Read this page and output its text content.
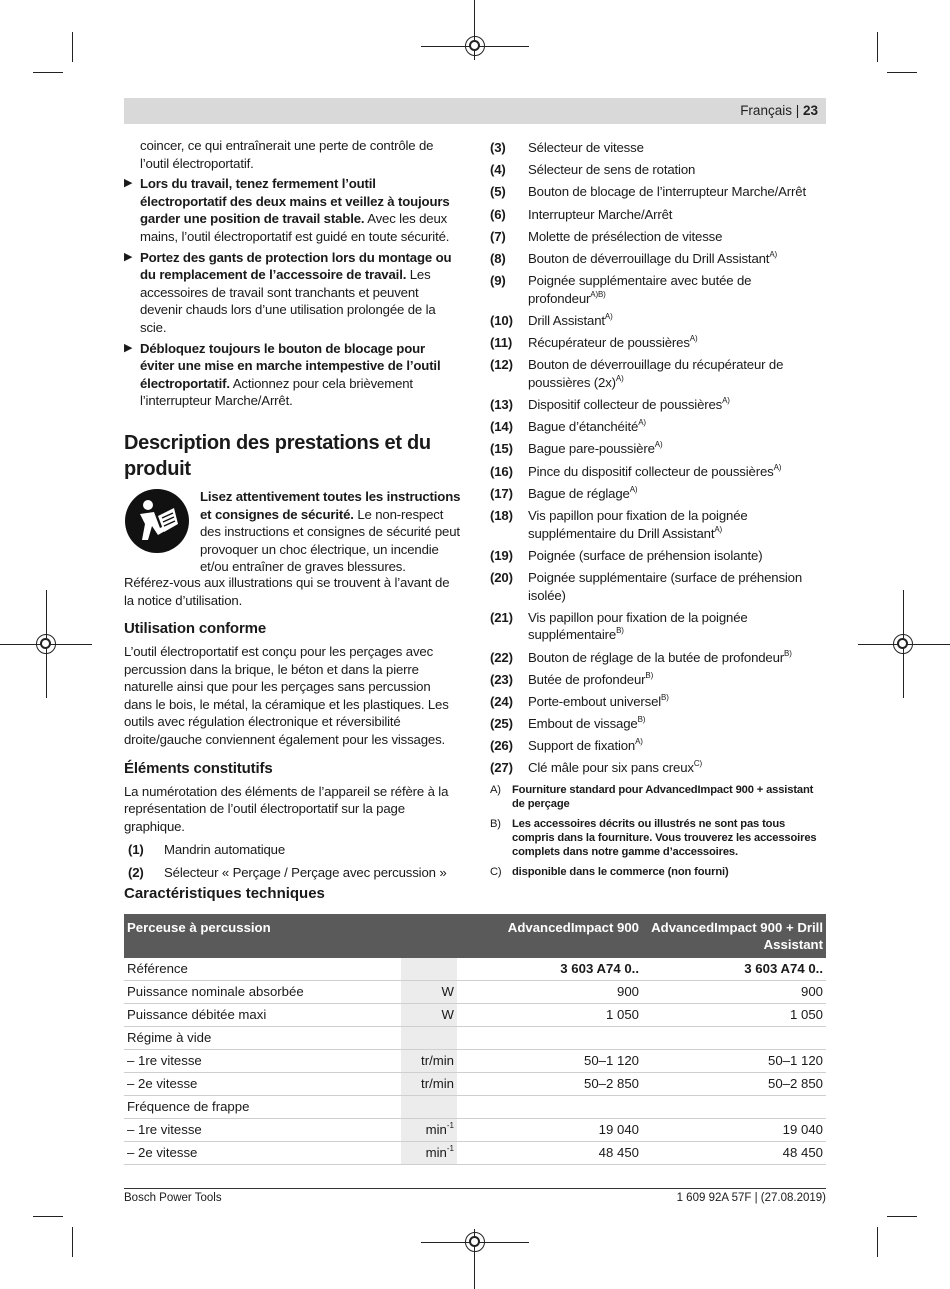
Français | 23
coincer, ce qui entraînerait une perte de contrôle de l’outil électroportatif.
▶ Lors du travail, tenez fermement l’outil électroportatif des deux mains et veillez à toujours garder une position de travail stable. Avec les deux mains, l’outil électroportatif est guidé en toute sécurité.
▶ Portez des gants de protection lors du montage ou du remplacement de l’accessoire de travail. Les accessoires de travail sont tranchants et peuvent devenir chauds lors d’une utilisation prolongée de la scie.
▶ Débloquez toujours le bouton de blocage pour éviter une mise en marche intempestive de l’outil électroportatif. Actionnez pour cela brièvement l’interrupteur Marche/Arrêt.
Description des prestations et du produit
Lisez attentivement toutes les instructions et consignes de sécurité. Le non-respect des instructions et consignes de sécurité peut provoquer un choc électrique, un incendie et/ou entraîner de graves blessures.
Référez-vous aux illustrations qui se trouvent à l’avant de la notice d’utilisation.
Utilisation conforme
L’outil électroportatif est conçu pour les perçages avec percussion dans la brique, le béton et dans la pierre naturelle ainsi que pour les perçages sans percussion dans le bois, le métal, la céramique et les plastiques. Les outils avec régulation électronique et réversibilité droite/gauche conviennent également pour les vissages.
Éléments constitutifs
La numérotation des éléments de l’appareil se réfère à la représentation de l’outil électroportatif sur la page graphique.
(1) Mandrin automatique
(2) Sélecteur « Perçage / Perçage avec percussion »
(3) Sélecteur de vitesse
(4) Sélecteur de sens de rotation
(5) Bouton de blocage de l’interrupteur Marche/Arrêt
(6) Interrupteur Marche/Arrêt
(7) Molette de présélection de vitesse
(8) Bouton de déverrouillage du Drill Assistant$^{A)}$
(9) Poignée supplémentaire avec butée de profondeur$^{A)B)}$
(10) Drill Assistant$^{A)}$
(11) Récupérateur de poussières$^{A)}$
(12) Bouton de déverrouillage du récupérateur de poussières $(2x)^{A)}$
(13) Dispositif collecteur de poussières$^{A)}$
(14) Bague d’étanchéité$^{A)}$
(15) Bague pare-poussière$^{A)}$
(16) Pince du dispositif collecteur de poussières$^{A)}$
(17) Bague de réglage$^{A)}$
(18) Vis papillon pour fixation de la poignée supplémentaire du Drill Assistant$^{A)}$
(19) Poignée (surface de préhension isolante)
(20) Poignée supplémentaire (surface de préhension isolée)
(21) Vis papillon pour fixation de la poignée supplémentaire$^{B)}$
(22) Bouton de réglage de la butée de profondeur$^{B)}$
(23) Butée de profondeur$^{B)}$
(24) Porte-embout universel$^{B)}$
(25) Embout de vissage$^{B)}$
(26) Support de fixation$^{A)}$
(27) Clé mâle pour six pans creux$^{C)}$
A) Fourniture standard pour AdvancedImpact 900 + assistant de perçage
B) Les accessoires décrits ou illustrés ne sont pas tous compris dans la fourniture. Vous trouverez les accessoires complets dans notre gamme d’accessoires.
C) disponible dans le commerce (non fourni)
Caractéristiques techniques
Perceuse à percussion		AdvancedImpact 900	AdvancedImpact 900 + Drill Assistant
Référence		3 603 A74 0..	3 603 A74 0..
Puissance nominale absorbée	W	900	900
Puissance débitée maxi	W	1 050	1 050
Régime à vide			
– 1re vitesse	tr/min	50–1 120	50–1 120
– 2e vitesse	tr/min	50–2 850	50–2 850
Fréquence de frappe			
– 1re vitesse	$\min^{-1}$	19 040	19 040
– 2e vitesse	$\min^{-1}$	48 450	48 450
Bosch Power Tools	1 609 92A 57F | (27.08.2019)
